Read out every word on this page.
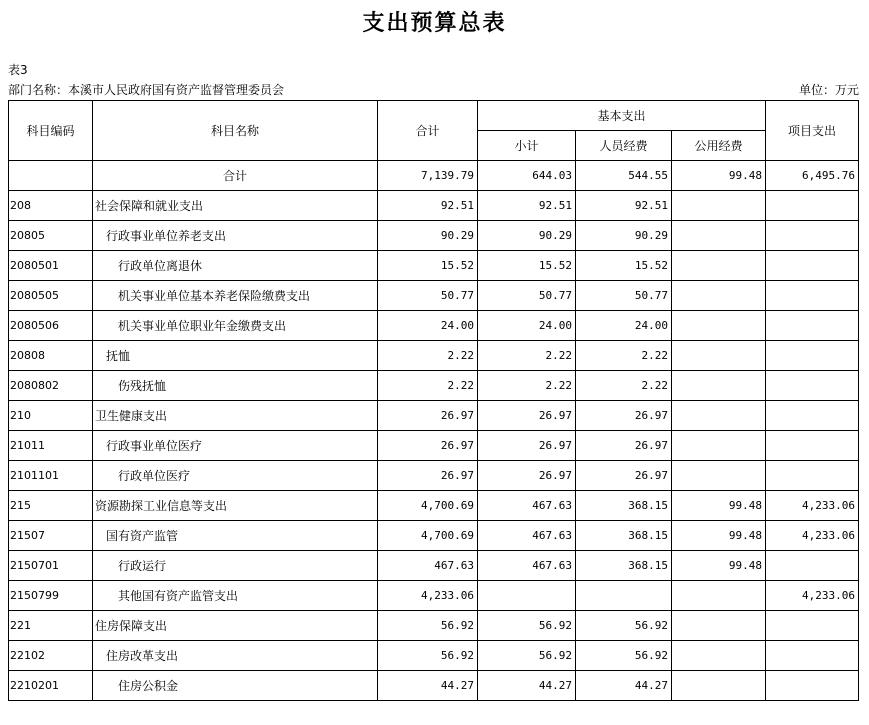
支出预算总表
表3
部门名称：本溪市人民政府国有资产监督管理委员会	单位：万元
科目编码	科目名称	合计	基本支出			项目支出
			小计	人员经费	公用经费	
	合计	7,139.79	644.03	544.55	99.48	6,495.76
208	社会保障和就业支出	92.51	92.51	92.51		
20805	行政事业单位养老支出	90.29	90.29	90.29		
2080501	行政单位离退休	15.52	15.52	15.52		
2080505	机关事业单位基本养老保险缴费支出	50.77	50.77	50.77		
2080506	机关事业单位职业年金缴费支出	24.00	24.00	24.00		
20808	抚恤	2.22	2.22	2.22		
2080802	伤残抚恤	2.22	2.22	2.22		
210	卫生健康支出	26.97	26.97	26.97		
21011	行政事业单位医疗	26.97	26.97	26.97		
2101101	行政单位医疗	26.97	26.97	26.97		
215	资源勘探工业信息等支出	4,700.69	467.63	368.15	99.48	4,233.06
21507	国有资产监管	4,700.69	467.63	368.15	99.48	4,233.06
2150701	行政运行	467.63	467.63	368.15	99.48	
2150799	其他国有资产监管支出	4,233.06				4,233.06
221	住房保障支出	56.92	56.92	56.92		
22102	住房改革支出	56.92	56.92	56.92		
2210201	住房公积金	44.27	44.27	44.27		
